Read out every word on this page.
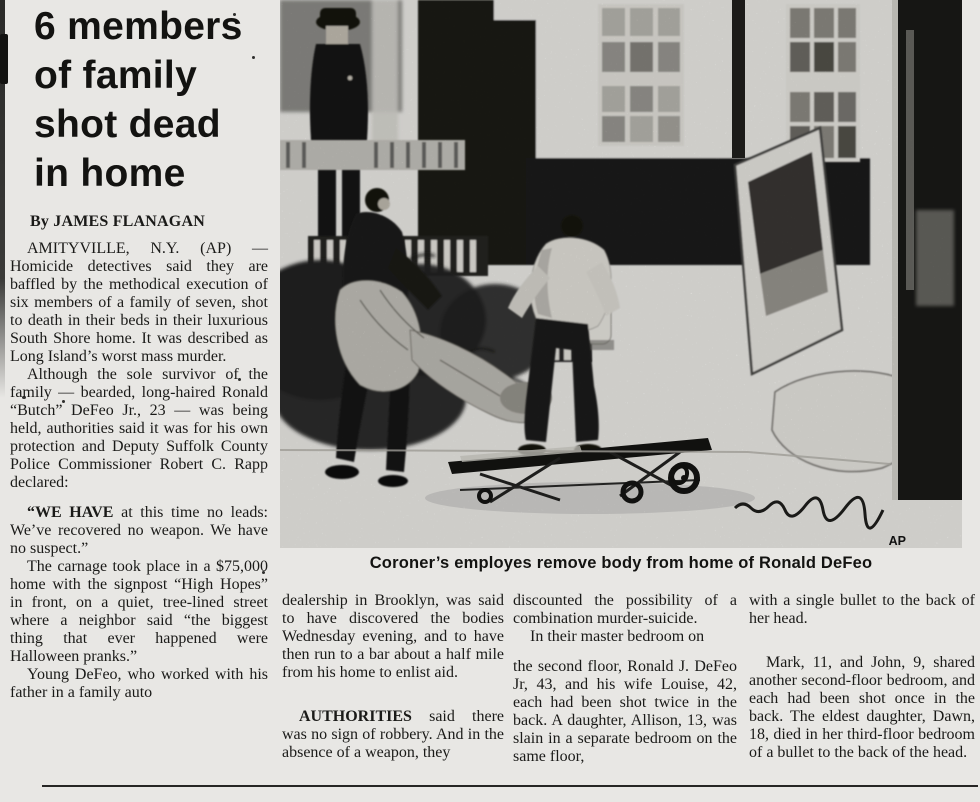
6 members
of family
shot dead
in home
By JAMES FLANAGAN

AMITYVILLE, N.Y. (AP) — Homicide detectives said they are baffled by the methodical execution of six members of a family of seven, shot to death in their beds in their luxurious South Shore home. It was described as Long Island’s worst mass murder.

Although the sole survivor of the family — bearded, long-haired Ronald “Butch” DeFeo Jr., 23 — was being held, authorities said it was for his own protection and Deputy Suffolk County Police Commissioner Robert C. Rapp declared:

“WE HAVE at this time no leads: We’ve recovered no weapon. We have no suspect.”

The carnage took place in a $75,000 home with the signpost “High Hopes” in front, on a quiet, tree-lined street where a neighbor said “the biggest thing that ever happened were Halloween pranks.”

Young DeFeo, who worked with his father in a family auto

dealership in Brooklyn, was said to have discovered the bodies Wednesday evening, and to have then run to a bar about a half mile from his home to enlist aid.

AUTHORITIES said there was no sign of robbery. And in the absence of a weapon, they

discounted the possibility of a combination murder-suicide.

In their master bedroom on

the second floor, Ronald J. DeFeo Jr, 43, and his wife Louise, 42, each had been shot twice in the back. A daughter, Allison, 13, was slain in a separate bedroom on the same floor,

with a single bullet to the back of her head.

Mark, 11, and John, 9, shared another second-floor bedroom, and each had been shot once in the back. The eldest daughter, Dawn, 18, died in her third-floor bedroom of a bullet to the back of the head.

AP
Coroner’s employes remove body from home of Ronald DeFeo
